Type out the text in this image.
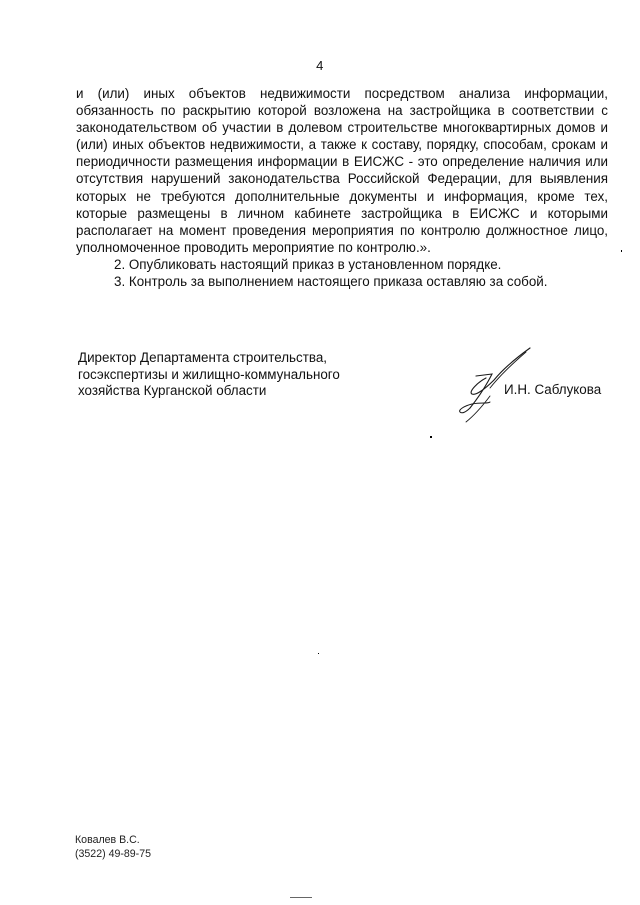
4

и (или) иных объектов недвижимости посредством анализа информации, обязанность по раскрытию которой возложена на застройщика в соответствии с законодательством об участии в долевом строительстве многоквартирных домов и (или) иных объектов недвижимости, а также к составу, порядку, способам, срокам и периодичности размещения информации в ЕИСЖС - это определение наличия или отсутствия нарушений законодательства Российской Федерации, для выявления которых не требуются дополнительные документы и информация, кроме тех, которые размещены в личном кабинете застройщика в ЕИСЖС и которыми располагает на момент проведения мероприятия по контролю должностное лицо, уполномоченное проводить мероприятие по контролю.».

2. Опубликовать настоящий приказ в установленном порядке.

3. Контроль за выполнением настоящего приказа оставляю за собой.

Директор Департамента строительства,
госэкспертизы и жилищно-коммунального
хозяйства Курганской области	И.Н. Саблукова
Ковалев В.С.
(3522) 49-89-75
